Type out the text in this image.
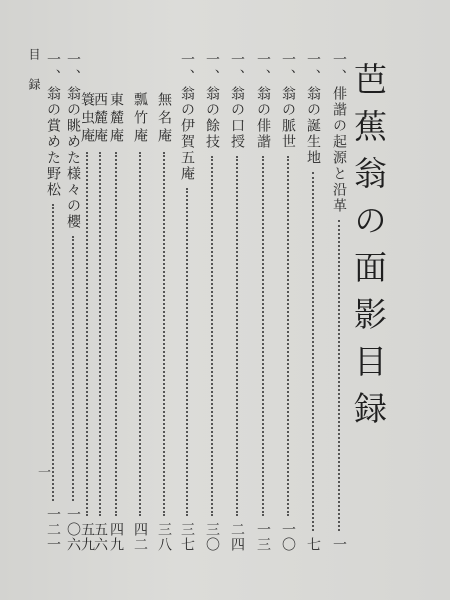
芭蕉翁の面影目録
一、
俳諧の起源と沿革
一
一、
翁の誕生地
七
一、
翁の脈世
一〇
一、
翁の俳諧
一三
一、
翁の口授
二四
一、
翁の餘技
三〇
一、
翁の伊賀五庵
三七
無名庵
三八
瓢竹庵
四二
東麓庵
四九
西麓庵
五六
簑虫庵
五九
一、
翁の眺めた様々の櫻
一〇六
一、
翁の賞めた野松
一二一
目録
一
